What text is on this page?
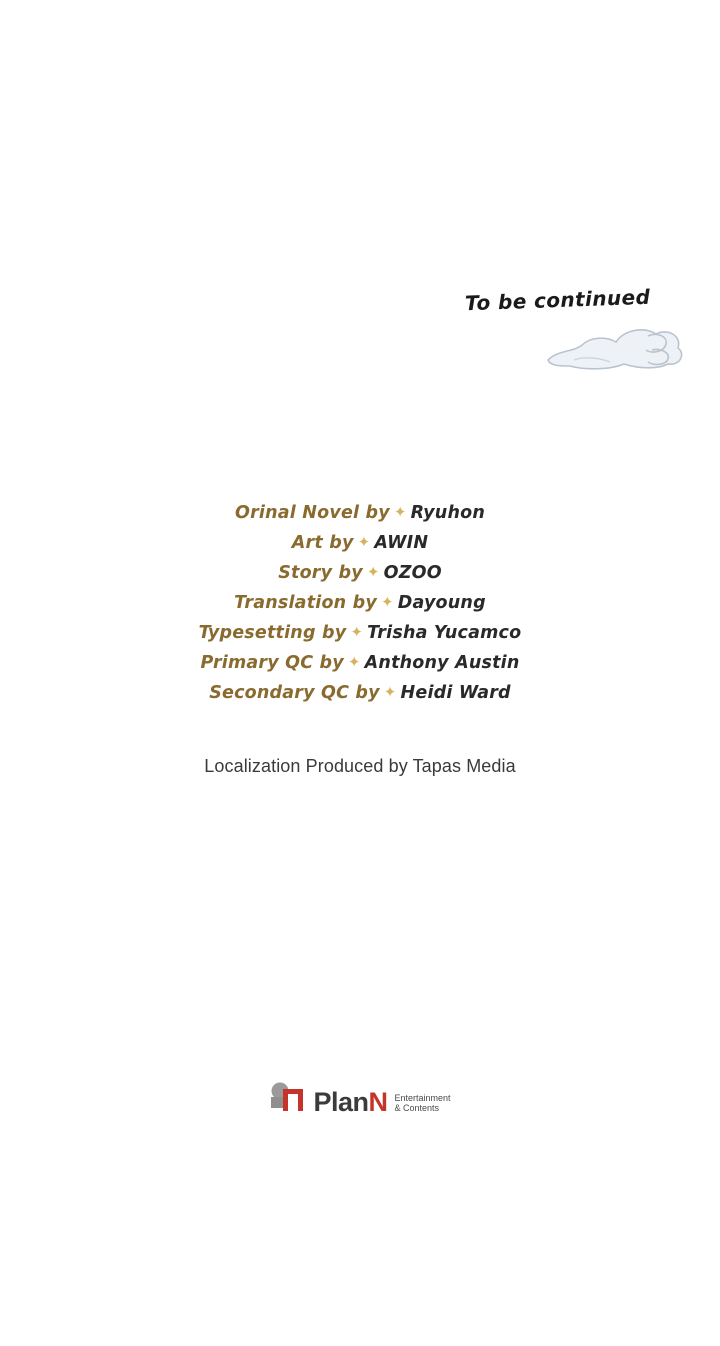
To be continued
Orinal Novel by ✦ Ryuhon
Art by ✦ AWIN
Story by ✦ OZOO
Translation by ✦ Dayoung
Typesetting by ✦ Trisha Yucamco
Primary QC by ✦ Anthony Austin
Secondary QC by ✦ Heidi Ward
Localization Produced by Tapas Media
PlanN Entertainment
& Contents
